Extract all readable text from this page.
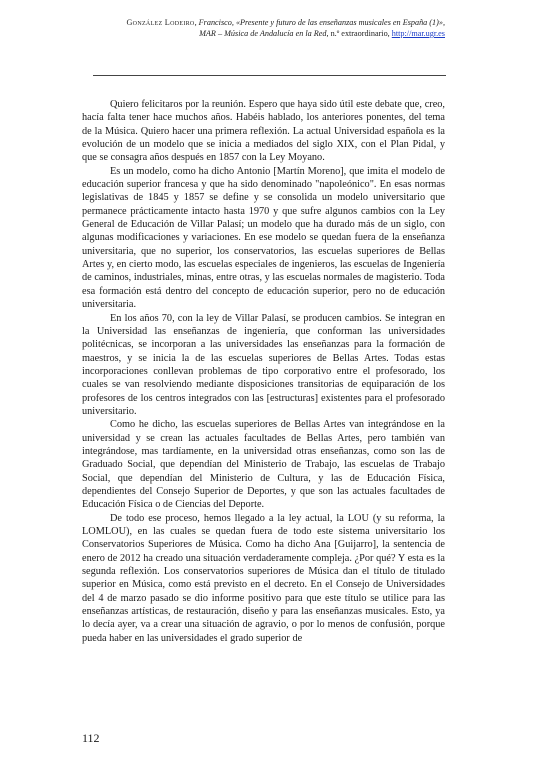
González Lodeiro, Francisco, «Presente y futuro de las enseñanzas musicales en España (1)»,
MAR – Música de Andalucía en la Red, n.º extraordinario, http://mar.ugr.es

Quiero felicitaros por la reunión. Espero que haya sido útil este debate que, creo, hacía falta tener hace muchos años. Habéis hablado, los anteriores ponentes, del tema de la Música. Quiero hacer una primera reflexión. La actual Universidad española es la evolución de un modelo que se inicia a mediados del siglo XIX, con el Plan Pidal, y que se consagra años después en 1857 con la Ley Moyano.

Es un modelo, como ha dicho Antonio [Martín Moreno], que imita el modelo de educación superior francesa y que ha sido denominado "napoleónico". En esas normas legislativas de 1845 y 1857 se define y se consolida un modelo universitario que permanece prácticamente intacto hasta 1970 y que sufre algunos cambios con la Ley General de Educación de Villar Palasí; un modelo que ha durado más de un siglo, con algunas modificaciones y variaciones. En ese modelo se quedan fuera de la enseñanza universitaria, que no superior, los conservatorios, las escuelas superiores de Bellas Artes y, en cierto modo, las escuelas especiales de ingenieros, las escuelas de Ingeniería de caminos, industriales, minas, entre otras, y las escuelas normales de magisterio. Toda esa formación está dentro del concepto de educación superior, pero no de educación universitaria.

En los años 70, con la ley de Villar Palasí, se producen cambios. Se integran en la Universidad las enseñanzas de ingeniería, que conforman las universidades politécnicas, se incorporan a las universidades las enseñanzas para la formación de maestros, y se inicia la de las escuelas superiores de Bellas Artes. Todas estas incorporaciones conllevan problemas de tipo corporativo entre el profesorado, los cuales se van resolviendo mediante disposiciones transitorias de equiparación de los profesores de los centros integrados con las [estructuras] existentes para el profesorado universitario.

Como he dicho, las escuelas superiores de Bellas Artes van integrándose en la universidad y se crean las actuales facultades de Bellas Artes, pero también van integrándose, mas tardíamente, en la universidad otras enseñanzas, como son las de Graduado Social, que dependían del Ministerio de Trabajo, las escuelas de Trabajo Social, que dependían del Ministerio de Cultura, y las de Educación Física, dependientes del Consejo Superior de Deportes, y que son las actuales facultades de Educación Física o de Ciencias del Deporte.

De todo ese proceso, hemos llegado a la ley actual, la LOU (y su reforma, la LOMLOU), en las cuales se quedan fuera de todo este sistema universitario los Conservatorios Superiores de Música. Como ha dicho Ana [Guijarro], la sentencia de enero de 2012 ha creado una situación verdaderamente compleja. ¿Por qué? Y esta es la segunda reflexión. Los conservatorios superiores de Música dan el título de titulado superior en Música, como está previsto en el decreto. En el Consejo de Universidades del 4 de marzo pasado se dio informe positivo para que este título se utilice para las enseñanzas artísticas, de restauración, diseño y para las enseñanzas musicales. Esto, ya lo decía ayer, va a crear una situación de agravio, o por lo menos de confusión, porque pueda haber en las universidades el grado superior de

112
